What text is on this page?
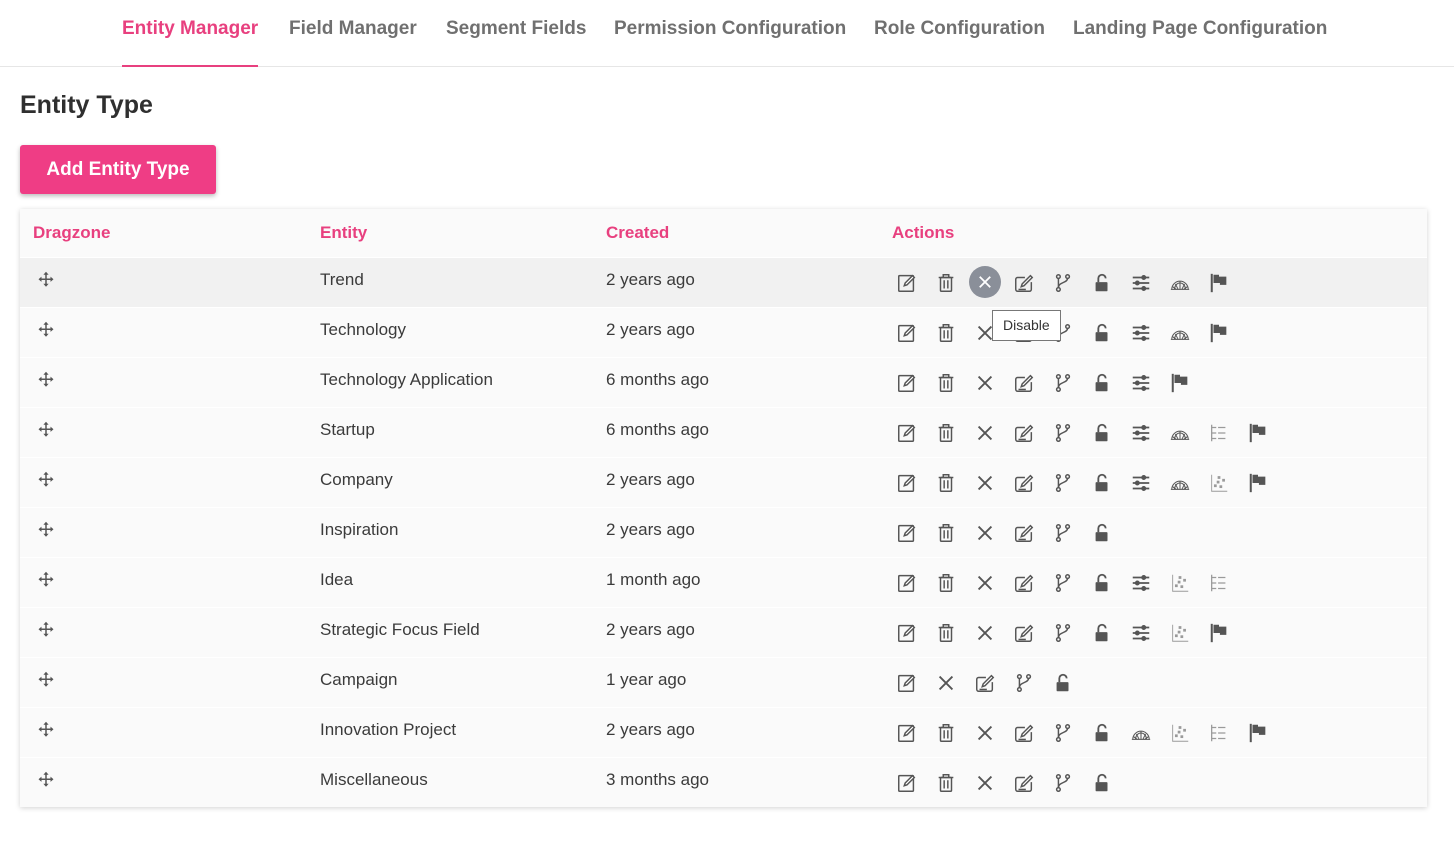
Entity Manager Field Manager Segment Fields Permission Configuration Role Configuration Landing Page Configuration
Entity Type
Add Entity Type
Dragzone	Entity	Created	Actions
Trend	2 years ago
Technology	2 years ago
Technology Application	6 months ago
Startup	6 months ago
Company	2 years ago
Inspiration	2 years ago
Idea	1 month ago
Strategic Focus Field	2 years ago
Campaign	1 year ago
Innovation Project	2 years ago
Miscellaneous	3 months ago
Disable
